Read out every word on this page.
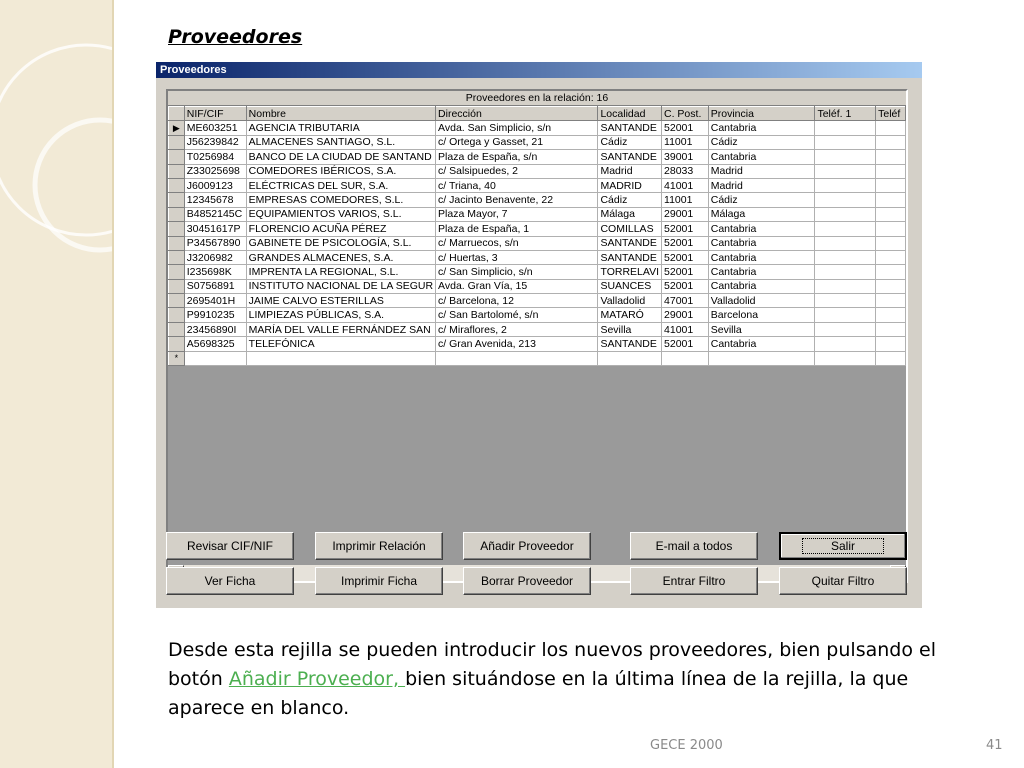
Proveedores
Proveedores
Proveedores en la relación: 16
	NIF/CIF	Nombre	Dirección	Localidad	C. Post.	Provincia	Teléf. 1	Teléf
▶	ME603251	AGENCIA TRIBUTARIA	Avda. San Simplicio, s/n	SANTANDE	52001	Cantabria		
	J56239842	ALMACENES SANTIAGO, S.L.	c/ Ortega y Gasset, 21	Cádiz	11001	Cádiz		
	T0256984	BANCO DE LA CIUDAD DE SANTAND	Plaza de España, s/n	SANTANDE	39001	Cantabria		
	Z33025698	COMEDORES IBÉRICOS, S.A.	c/ Salsipuedes, 2	Madrid	28033	Madrid		
	J6009123	ELÉCTRICAS DEL SUR, S.A.	c/ Triana, 40	MADRID	41001	Madrid		
	12345678	EMPRESAS COMEDORES, S.L.	c/ Jacinto Benavente, 22	Cádiz	11001	Cádiz		
	B4852145C	EQUIPAMIENTOS VARIOS, S.L.	Plaza Mayor, 7	Málaga	29001	Málaga		
	30451617P	FLORENCIO ACUÑA PÉREZ	Plaza de España, 1	COMILLAS	52001	Cantabria		
	P34567890	GABINETE DE PSICOLOGÍA, S.L.	c/ Marruecos, s/n	SANTANDE	52001	Cantabria		
	J3206982	GRANDES ALMACENES, S.A.	c/ Huertas, 3	SANTANDE	52001	Cantabria		
	I235698K	IMPRENTA LA REGIONAL, S.L.	c/ San Simplicio, s/n	TORRELAVI	52001	Cantabria		
	S0756891	INSTITUTO NACIONAL DE LA SEGUR	Avda. Gran Vía, 15	SUANCES	52001	Cantabria		
	2695401H	JAIME CALVO ESTERILLAS	c/ Barcelona, 12	Valladolid	47001	Valladolid		
	P9910235	LIMPIEZAS PÚBLICAS, S.A.	c/ San Bartolomé, s/n	MATARÓ	29001	Barcelona		
	23456890I	MARÍA DEL VALLE FERNÁNDEZ SAN	c/ Miraflores, 2	Sevilla	41001	Sevilla		
	A5698325	TELEFÓNICA	c/ Gran Avenida, 213	SANTANDE	52001	Cantabria		
*								
Revisar CIF/NIF	Imprimir Relación	Añadir Proveedor	E-mail a todos	Salir
Ver Ficha	Imprimir Ficha	Borrar Proveedor	Entrar Filtro	Quitar Filtro
Desde esta rejilla se pueden introducir los nuevos proveedores, bien pulsando el botón Añadir Proveedor, bien situándose en la última línea de la rejilla, la que aparece en blanco.
GECE 2000	41
